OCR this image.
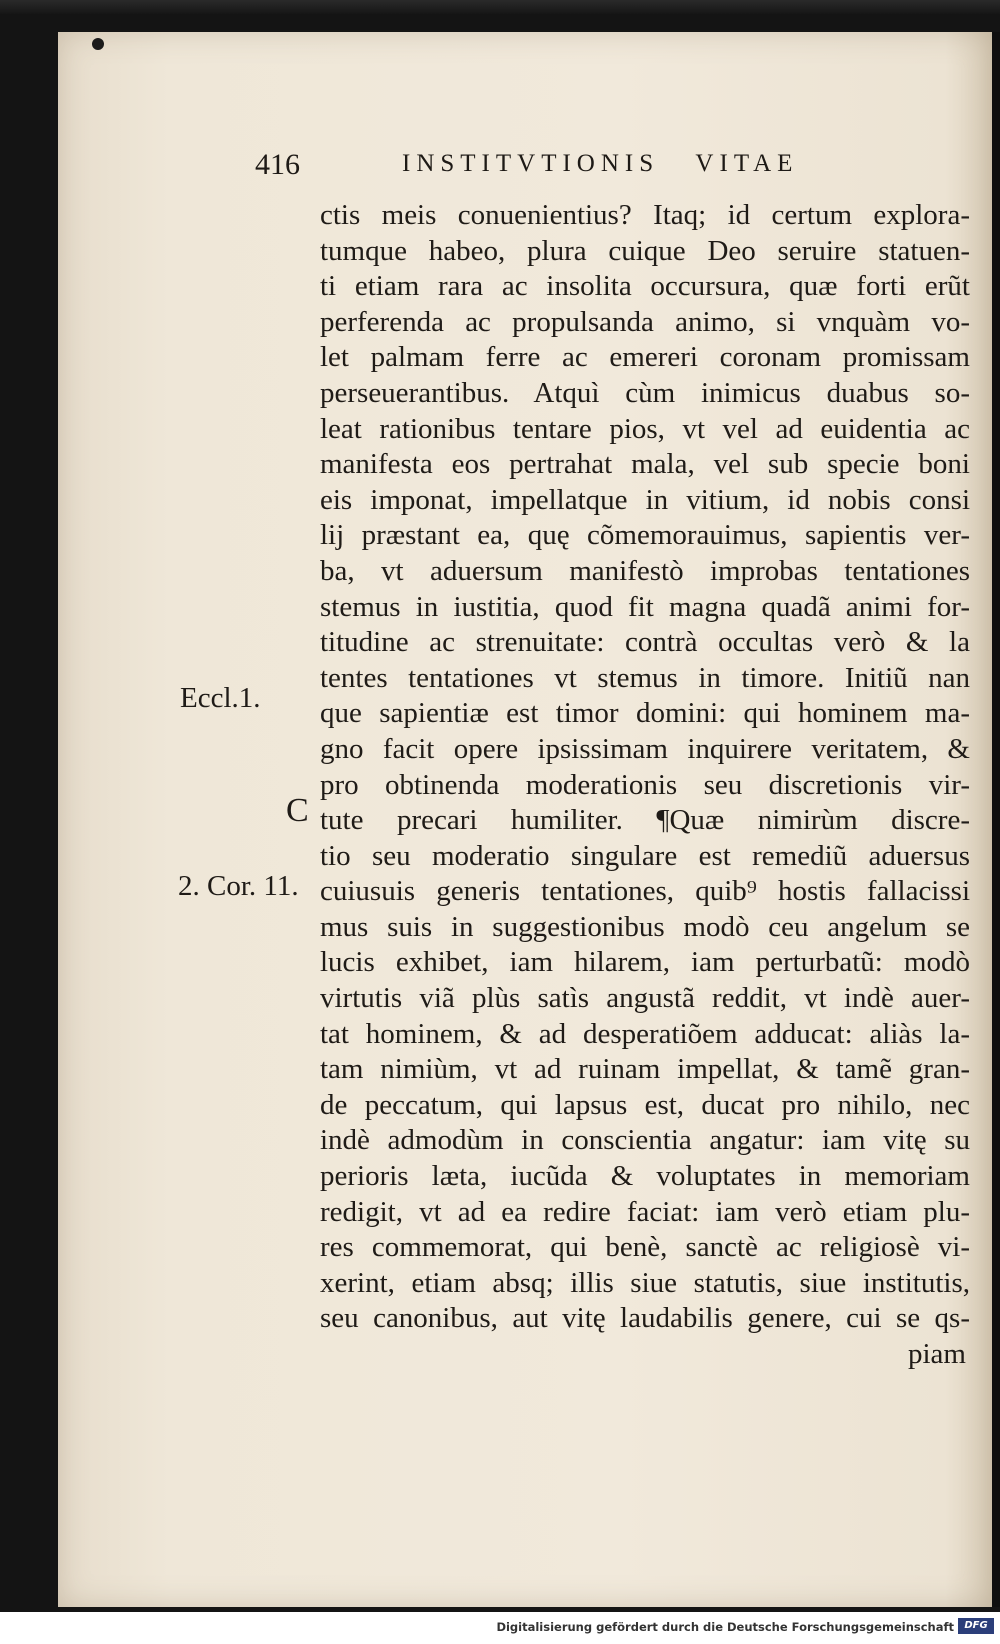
416	INSTITVTIONIS   VITAE
ctis meis conuenientius? Itaq; id certum explora-
tumque habeo, plura cuique Deo seruire statuen-
ti etiam rara ac insolita occursura, quæ forti erũt
perferenda ac propulsanda animo, si vnquàm vo-
let palmam ferre ac emereri coronam promissam
perseuerantibus. Atquì cùm inimicus duabus so-
leat rationibus tentare pios, vt vel ad euidentia ac
manifesta eos pertrahat mala, vel sub specie boni
eis imponat, impellatque in vitium, id nobis consi
lij præstant ea, quę cõmemorauimus, sapientis ver-
ba, vt aduersum manifestò improbas tentationes
stemus in iustitia, quod fit magna quadã animi for-
titudine ac strenuitate: contrà occultas verò & la
tentes tentationes vt stemus in timore. Initiũ nan
que sapientiæ est timor domini: qui hominem ma-
gno facit opere ipsissimam inquirere veritatem, &
pro obtinenda moderationis seu discretionis vir-
tute precari humiliter. ¶Quæ nimirùm discre-
tio seu moderatio singulare est remediũ aduersus
cuiusuis generis tentationes, quib⁹ hostis fallacissi
mus suis in suggestionibus modò ceu angelum se
lucis exhibet, iam hilarem, iam perturbatũ: modò
virtutis viã plùs satìs angustã reddit, vt indè auer-
tat hominem, & ad desperatiõem adducat: aliàs la-
tam nimiùm, vt ad ruinam impellat, & tamẽ gran-
de peccatum, qui lapsus est, ducat pro nihilo, nec
indè admodùm in conscientia angatur: iam vitę su
perioris læta, iucũda & voluptates in memoriam
redigit, vt ad ea redire faciat: iam verò etiam plu-
res commemorat, qui benè, sanctè ac religiosè vi-
xerint, etiam absq; illis siue statutis, siue institutis,
seu canonibus, aut vitę laudabilis genere, cui se qs-
piam
Eccl.1.
C
2. Cor. 11.
Digitalisierung gefördert durch die Deutsche Forschungsgemeinschaft	DFG
